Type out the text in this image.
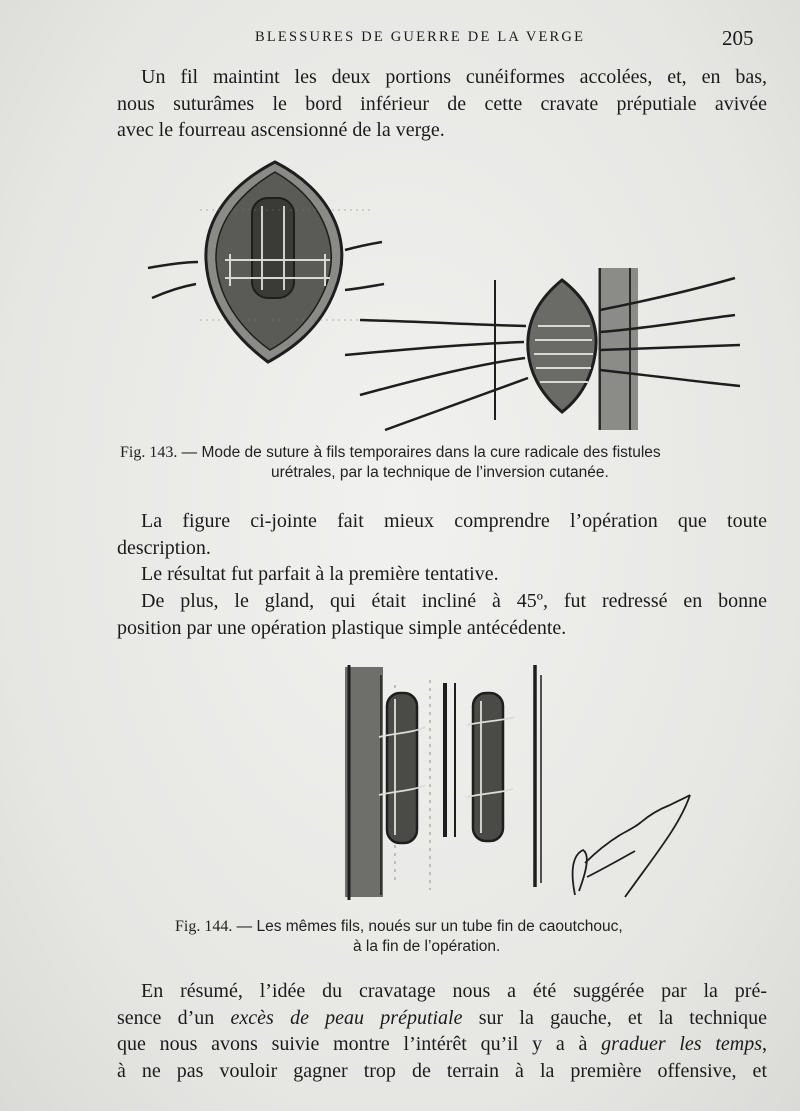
BLESSURES DE GUERRE DE LA VERGE	205
Un fil maintint les deux portions cunéiformes accolées, et, en bas,
nous suturâmes le bord inférieur de cette cravate préputiale avivée
avec le fourreau ascensionné de la verge.
Fig. 143. — Mode de suture à fils temporaires dans la cure radicale des fistules
urétrales, par la technique de l’inversion cutanée.
La figure ci-jointe fait mieux comprendre l’opération que toute
description.
Le résultat fut parfait à la première tentative.
De plus, le gland, qui était incliné à 45º, fut redressé en bonne
position par une opération plastique simple antécédente.
Fig. 144. — Les mêmes fils, noués sur un tube fin de caoutchouc,
à la fin de l’opération.
En résumé, l’idée du cravatage nous a été suggérée par la pré-
sence d’un excès de peau préputiale sur la gauche, et la technique
que nous avons suivie montre l’intérêt qu’il y a à graduer les temps,
à ne pas vouloir gagner trop de terrain à la première offensive, et
